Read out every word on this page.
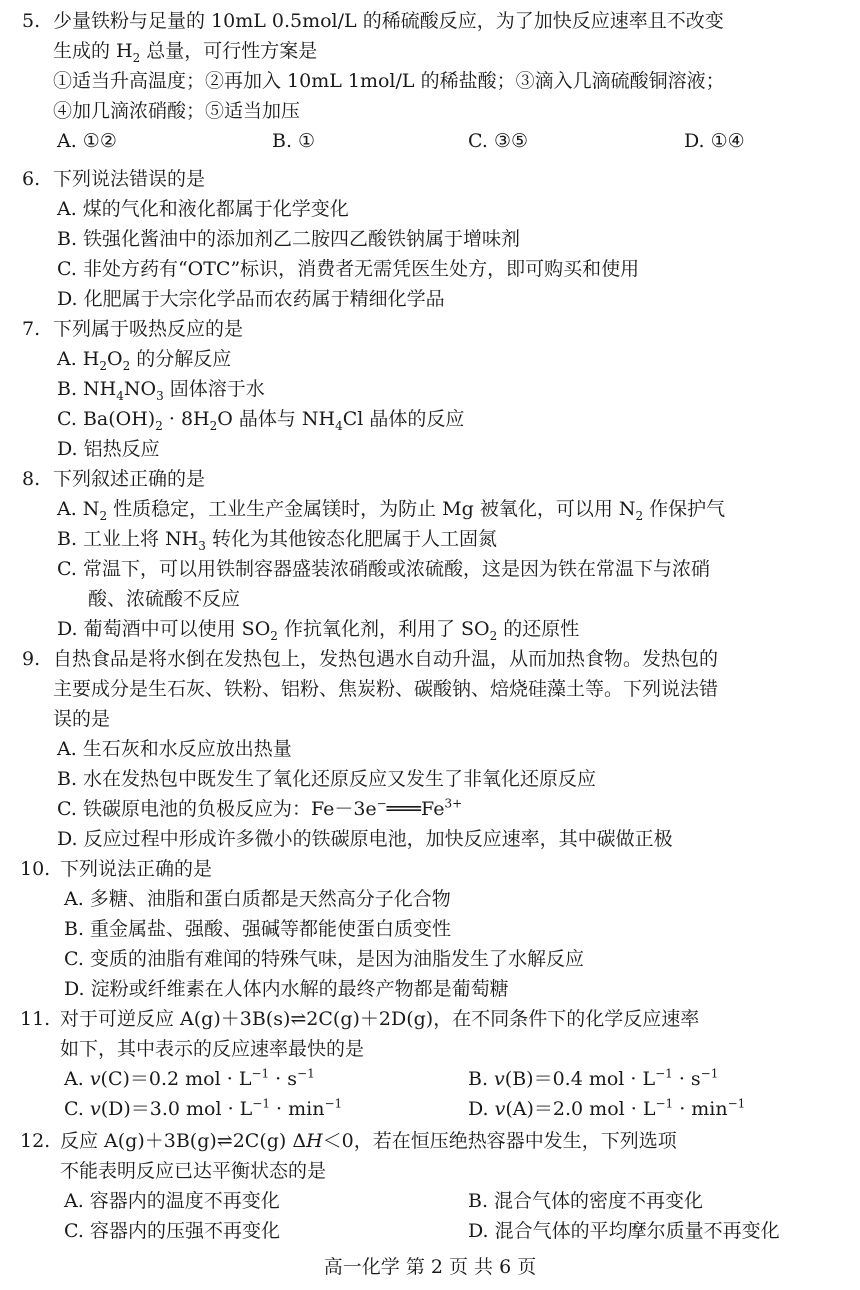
5. 少量铁粉与足量的 10mL 0.5mol/L 的稀硫酸反应，为了加快反应速率且不改变
生成的 $H_2$ 总量，可行性方案是
①适当升高温度；②再加入 10mL 1mol/L 的稀盐酸；③滴入几滴硫酸铜溶液；
④加几滴浓硝酸；⑤适当加压
A. ①②	B. ①	C. ③⑤	D. ①④
6. 下列说法错误的是
A. 煤的气化和液化都属于化学变化
B. 铁强化酱油中的添加剂乙二胺四乙酸铁钠属于增味剂
C. 非处方药有“OTC”标识，消费者无需凭医生处方，即可购买和使用
D. 化肥属于大宗化学品而农药属于精细化学品
7. 下列属于吸热反应的是
A. $H_2O_2$ 的分解反应
B. $NH_4NO_3$ 固体溶于水
C. $Ba(OH)_2 \cdot 8H_2O$ 晶体与 $NH_4Cl$ 晶体的反应
D. 铝热反应
8. 下列叙述正确的是
A. $N_2$ 性质稳定，工业生产金属镁时，为防止 Mg 被氧化，可以用 $N_2$ 作保护气
B. 工业上将 $NH_3$ 转化为其他铵态化肥属于人工固氮
C. 常温下，可以用铁制容器盛装浓硝酸或浓硫酸，这是因为铁在常温下与浓硝
酸、浓硫酸不反应
D. 葡萄酒中可以使用 $SO_2$ 作抗氧化剂，利用了 $SO_2$ 的还原性
9. 自热食品是将水倒在发热包上，发热包遇水自动升温，从而加热食物。发热包的
主要成分是生石灰、铁粉、铝粉、焦炭粉、碳酸钠、焙烧硅藻土等。下列说法错
误的是
A. 生石灰和水反应放出热量
B. 水在发热包中既发生了氧化还原反应又发生了非氧化还原反应
C. 铁碳原电池的负极反应为：$Fe-3e^-═══Fe^{3+}$
D. 反应过程中形成许多微小的铁碳原电池，加快反应速率，其中碳做正极
10. 下列说法正确的是
A. 多糖、油脂和蛋白质都是天然高分子化合物
B. 重金属盐、强酸、强碱等都能使蛋白质变性
C. 变质的油脂有难闻的特殊气味，是因为油脂发生了水解反应
D. 淀粉或纤维素在人体内水解的最终产物都是葡萄糖
11. 对于可逆反应 A(g)＋3B(s)⇌2C(g)＋2D(g)，在不同条件下的化学反应速率
如下，其中表示的反应速率最快的是
A. v(C)＝0.2 mol · $L^{-1} \cdot s^{-1}$	B. v(B)＝0.4 mol · $L^{-1} \cdot s^{-1}$
C. v(D)＝3.0 mol · $L^{-1} \cdot \min^{-1}$	D. v(A)＝2.0 mol · $L^{-1} \cdot \min^{-1}$
12. 反应 A(g)＋3B(g)⇌2C(g) ΔH＜0，若在恒压绝热容器中发生，下列选项
不能表明反应已达平衡状态的是
A. 容器内的温度不再变化	B. 混合气体的密度不再变化
C. 容器内的压强不再变化	D. 混合气体的平均摩尔质量不再变化
高一化学 第 2 页 共 6 页
